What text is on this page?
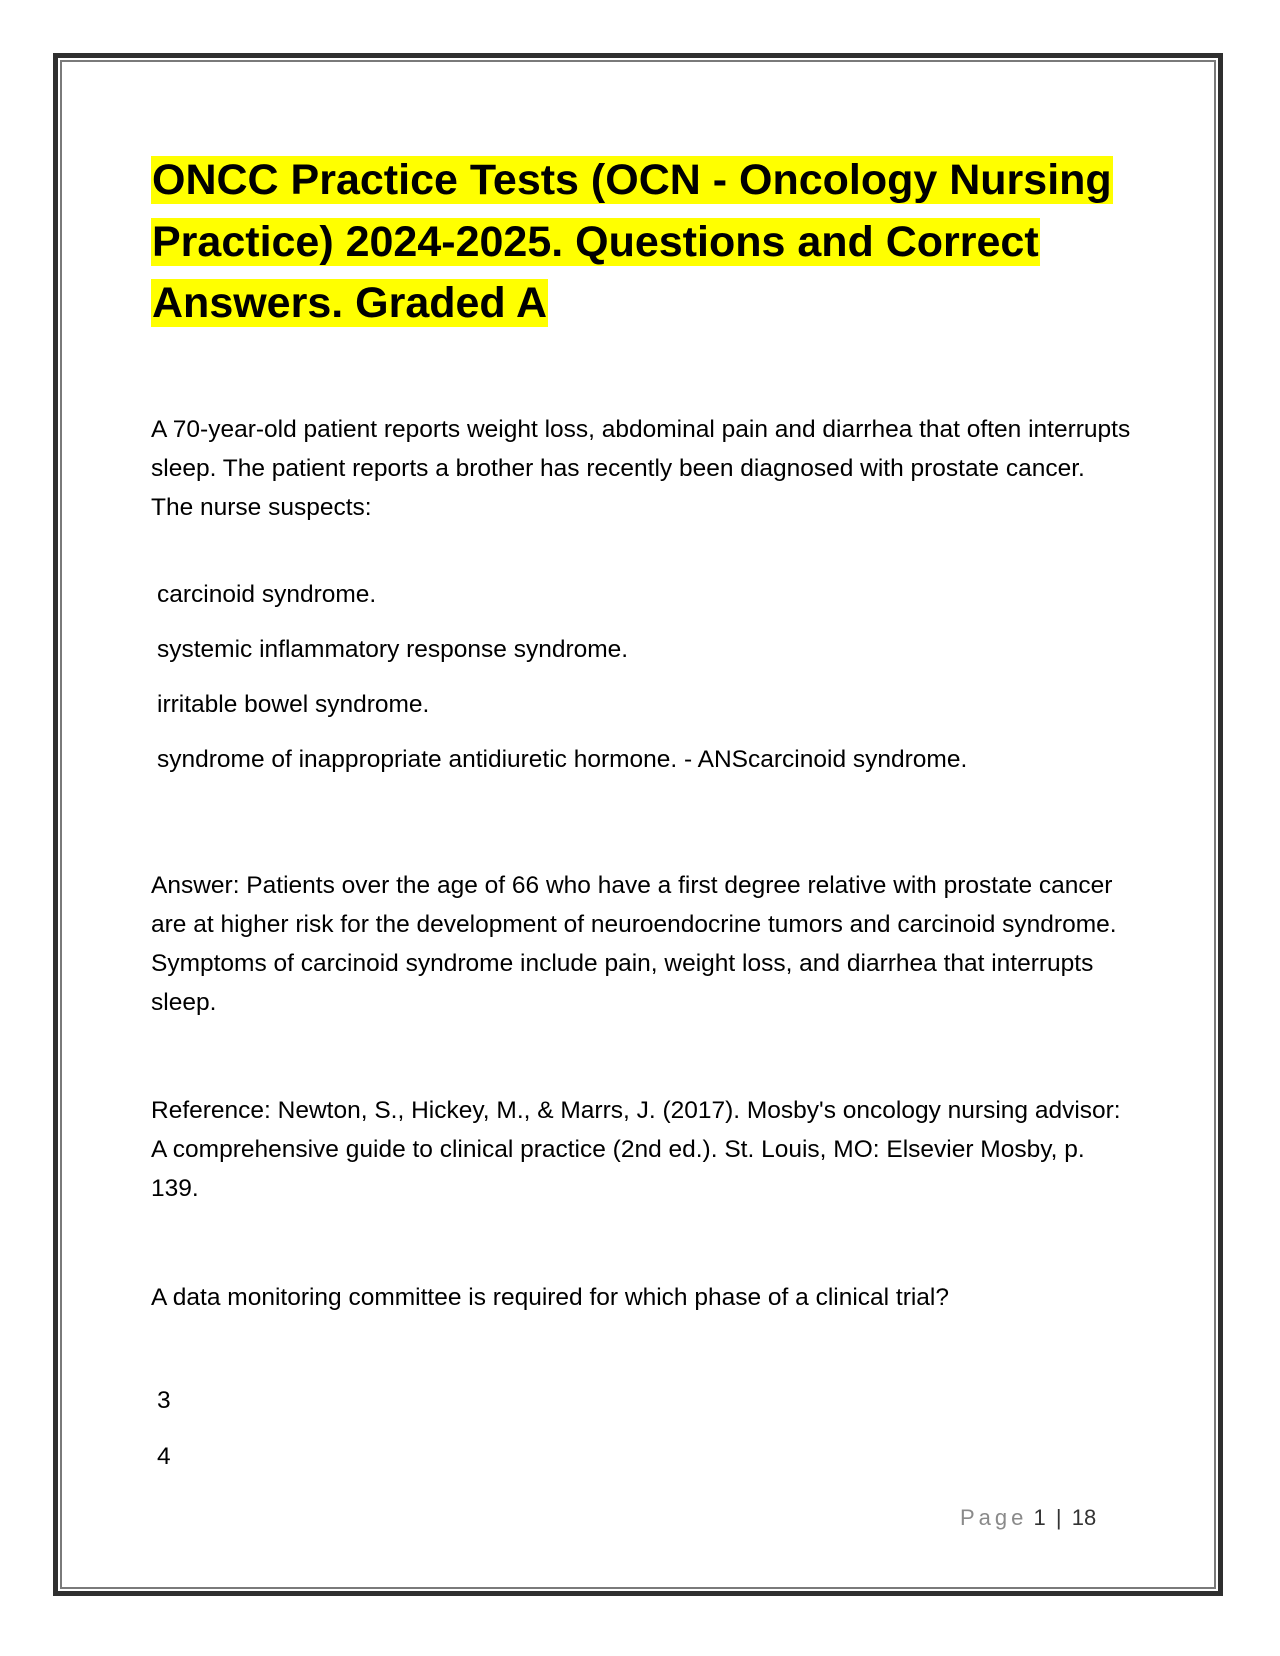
ONCC Practice Tests (OCN - Oncology Nursing
Practice) 2024-2025. Questions and Correct
Answers. Graded A

A 70-year-old patient reports weight loss, abdominal pain and diarrhea that often interrupts sleep. The patient reports a brother has recently been diagnosed with prostate cancer. The nurse suspects:

carcinoid syndrome.

systemic inflammatory response syndrome.

irritable bowel syndrome.

syndrome of inappropriate antidiuretic hormone. - ANScarcinoid syndrome.

Answer: Patients over the age of 66 who have a first degree relative with prostate cancer are at higher risk for the development of neuroendocrine tumors and carcinoid syndrome. Symptoms of carcinoid syndrome include pain, weight loss, and diarrhea that interrupts sleep.

Reference: Newton, S., Hickey, M., & Marrs, J. (2017). Mosby's oncology nursing advisor: A comprehensive guide to clinical practice (2nd ed.). St. Louis, MO: Elsevier Mosby, p. 139.

A data monitoring committee is required for which phase of a clinical trial?

3

4

Page 1 | 18
